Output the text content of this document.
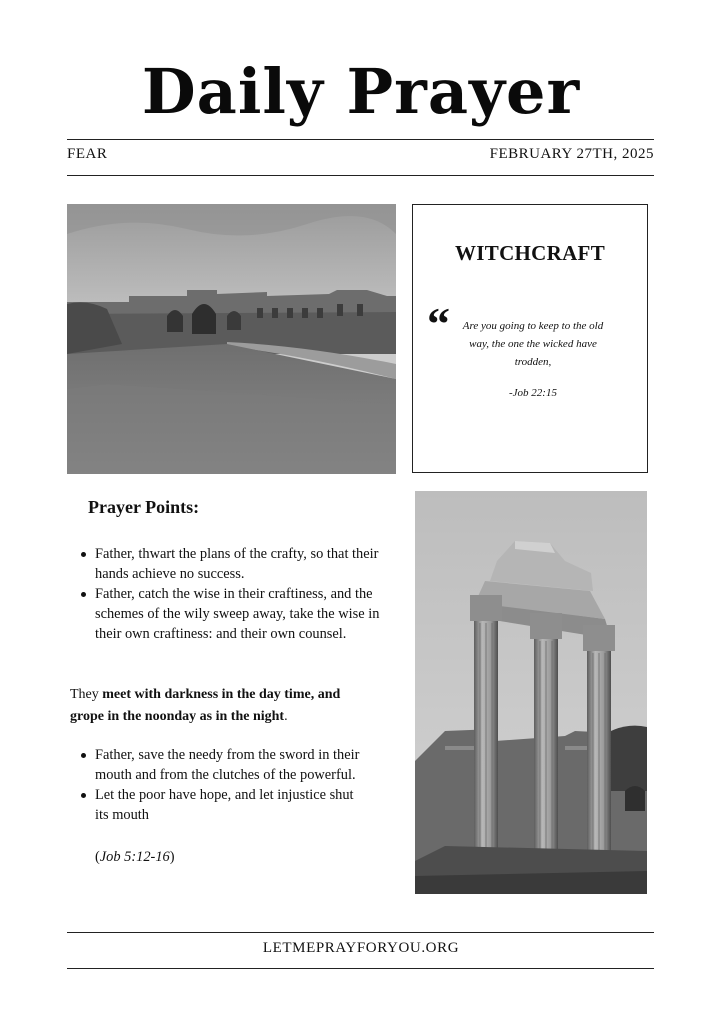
Daily Prayer
FEAR	FEBRUARY 27TH, 2025
WITCHCRAFT
“	Are you going to keep to the old way, the one the wicked have trodden,
-Job 22:15
Prayer Points:
Father, thwart the plans of the crafty, so that their hands achieve no success.
Father, catch the wise in their craftiness, and the schemes of the wily sweep away, take the wise in their own craftiness: and their own counsel.

They meet with darkness in the day time, and grope in the noonday as in the night.

Father, save the needy from the sword in their mouth and from the clutches of the powerful.
Let the poor have hope, and let injustice shut its mouth
(Job 5:12-16)
LETMEPRAYFORYOU.ORG
